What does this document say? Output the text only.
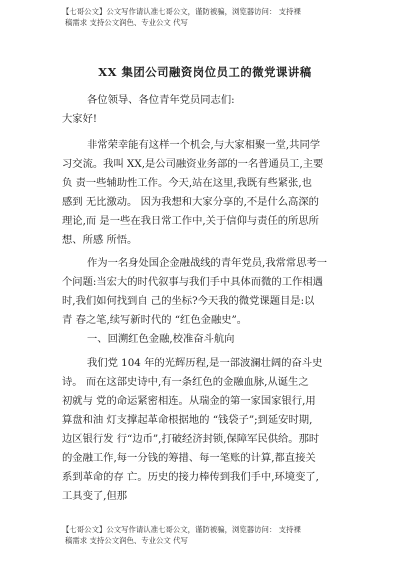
【七哥公文】公文写作请认准七哥公文，谨防被骗，浏览器访问： 支持裸
稿需求 支持公文润色、专业公文 代写
XX 集团公司融资岗位员工的微党课讲稿
各位领导、各位青年党员同志们:
大家好!
非常荣幸能有这样一个机会,与大家相聚一堂,共同学
习交流。我叫 XX,是公司融资业务部的一名普通员工,主要
负 责一些辅助性工作。今天,站在这里,我既有些紧张,也
感到 无比激动。 因为我想和大家分享的,不是什么高深的
理论,而 是一些在我日常工作中,关于信仰与责任的所思所
想、所感 所悟。
作为一名身处国企金融战线的青年党员,我常常思考一
个问题:当宏大的时代叙事与我们手中具体而微的工作相遇
时,我们如何找到自 己的坐标?今天我的微党课题目是:以
青 春之笔,续写新时代的 “红色金融史”。
一、回溯红色金融,校准奋斗航向
我们党 104 年的光辉历程,是一部波澜壮阔的奋斗史
诗。 而在这部史诗中,有一条红色的金融血脉,从诞生之
初就与 党的命运紧密相连。从瑞金的第一家国家银行,用
算盘和油 灯支撑起革命根据地的 “钱袋子”;到延安时期,
边区银行发 行“边币”,打破经济封锁,保障军民供给。那时
的金融工作,每一分钱的筹措、每一笔账的计算,都直接关
系到革命的存 亡。历史的接力棒传到我们手中,环境变了,
工具变了,但那
【七哥公文】公文写作请认准七哥公文，谨防被骗，浏览器访问： 支持裸
稿需求 支持公文润色、专业公文 代写
